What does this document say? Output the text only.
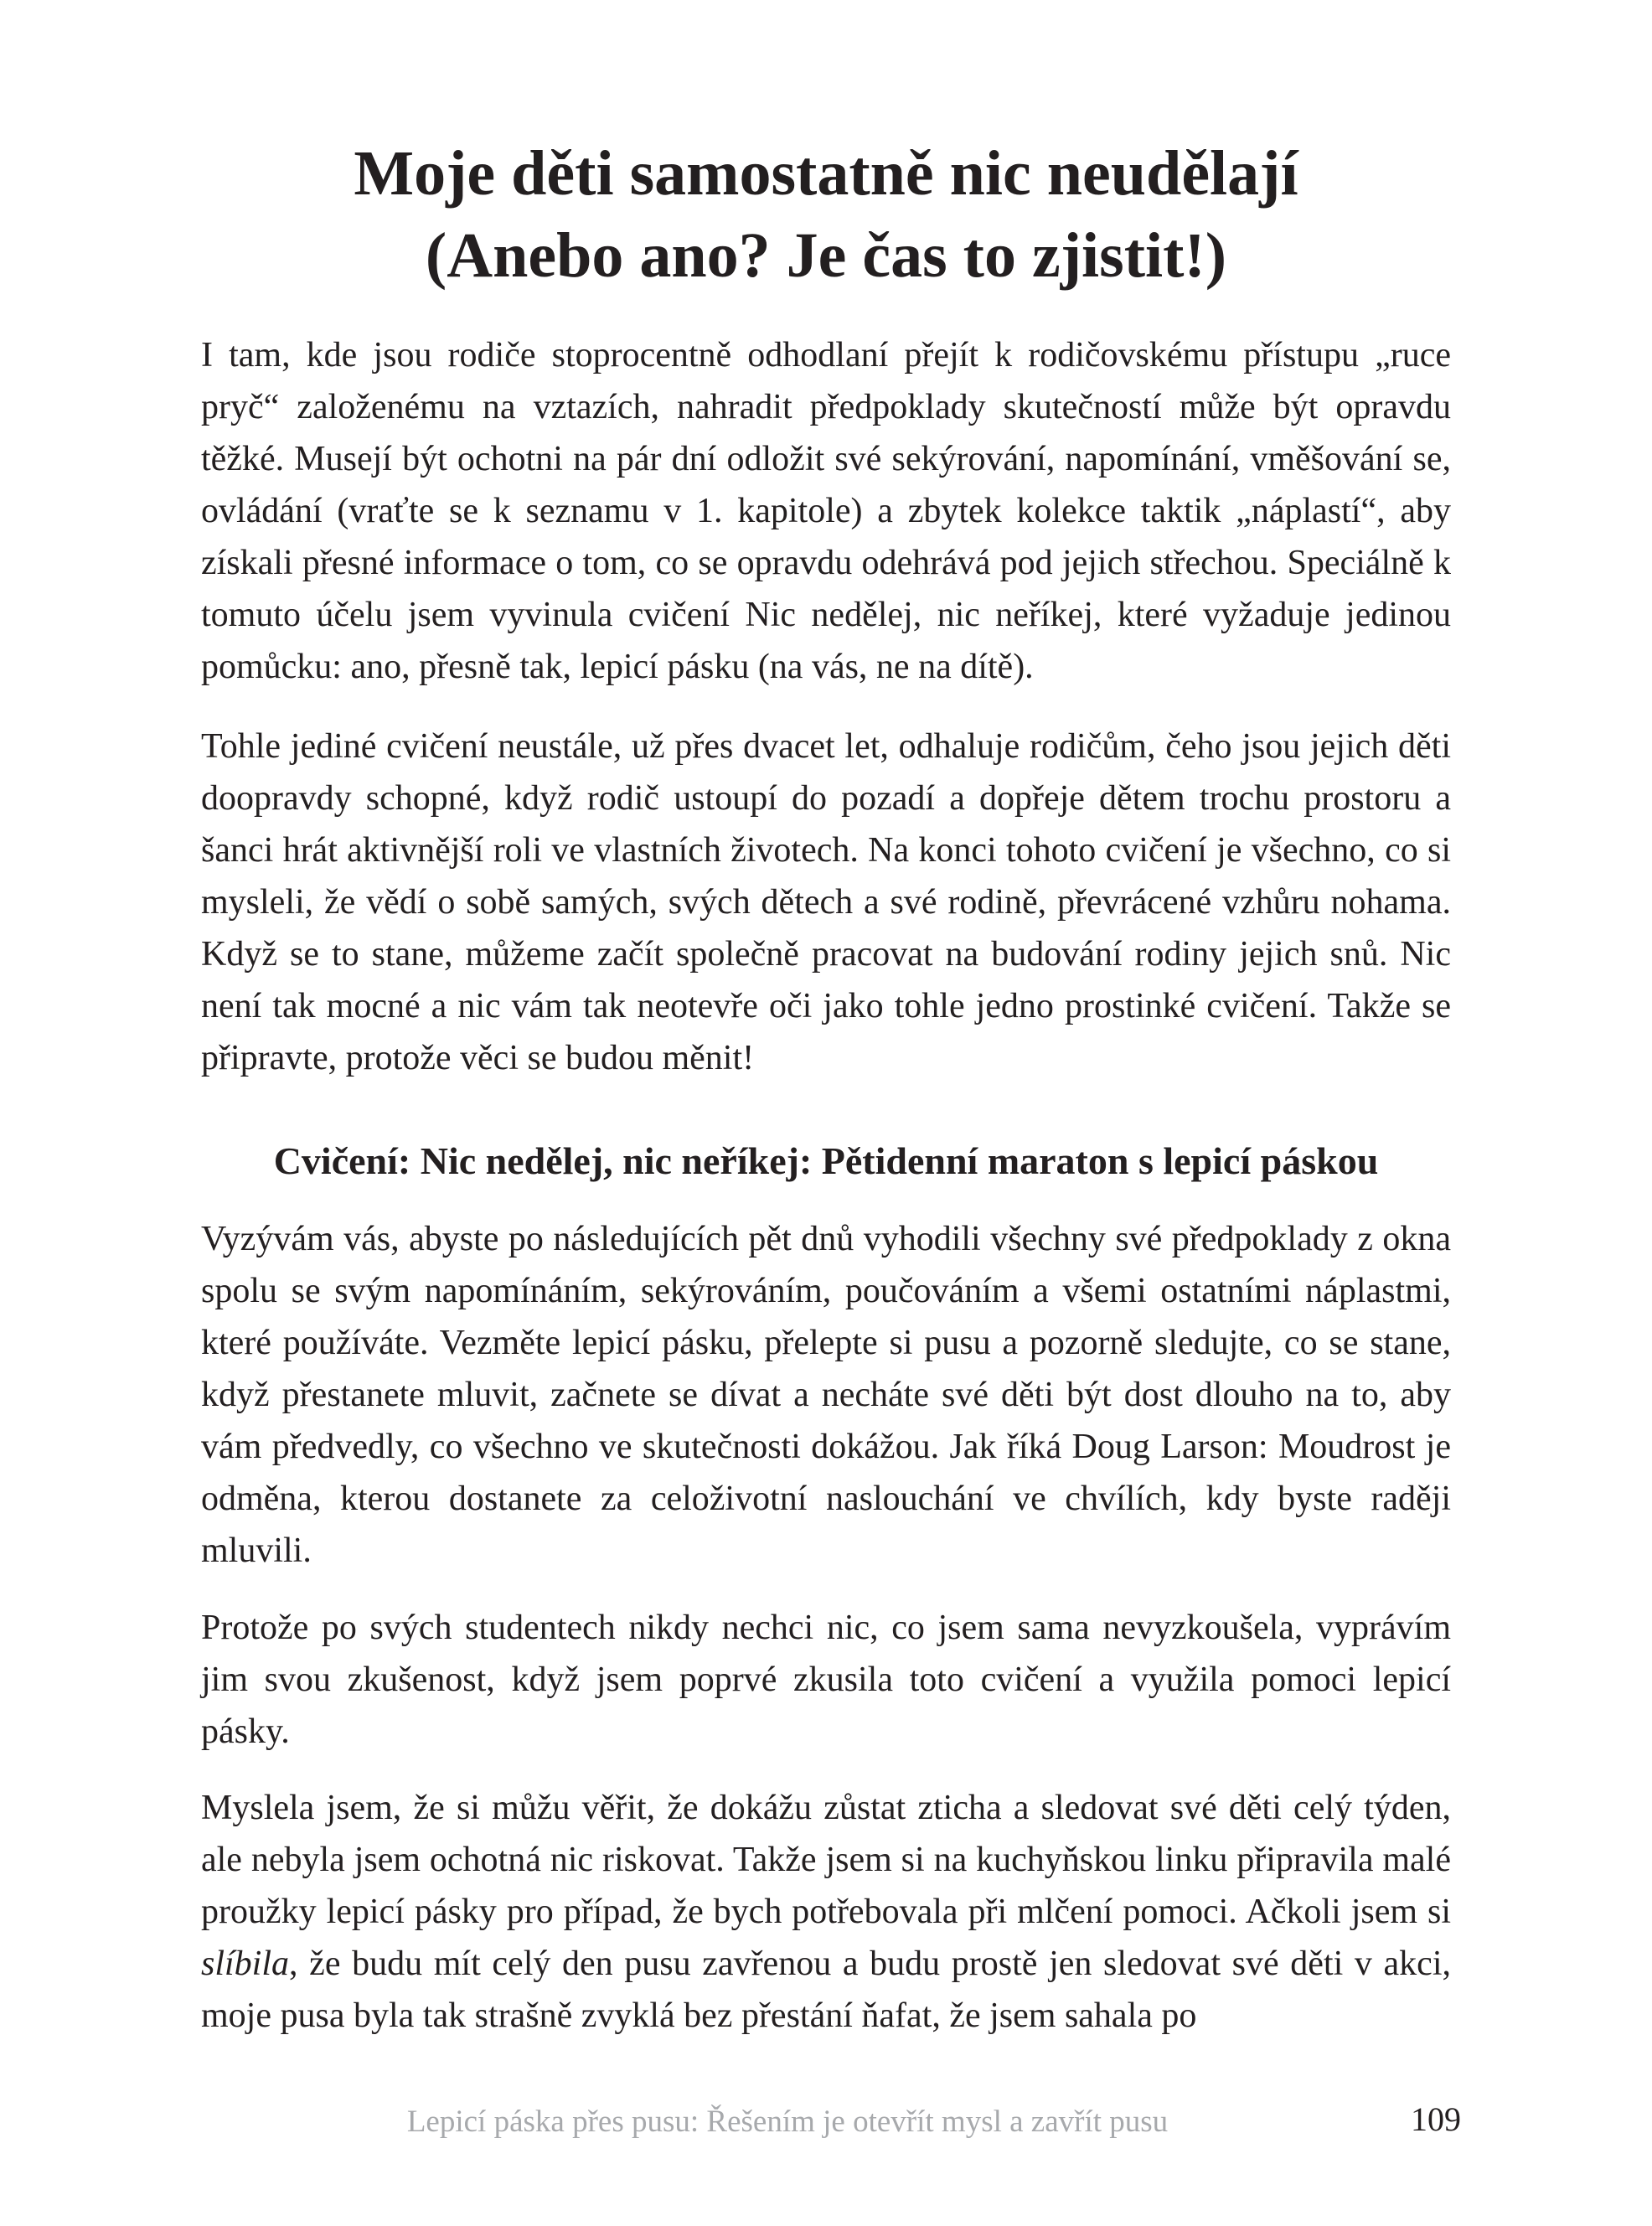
Moje děti samostatně nic neudělají
(Anebo ano? Je čas to zjistit!)

I tam, kde jsou rodiče stoprocentně odhodlaní přejít k rodičovskému přístupu „ruce pryč“ založenému na vztazích, nahradit předpoklady skutečností může být opravdu těžké. Musejí být ochotni na pár dní odložit své sekýrování, napomínání, vměšování se, ovládání (vraťte se k seznamu v 1. kapitole) a zbytek kolekce taktik „náplastí“, aby získali přesné informace o tom, co se opravdu odehrává pod jejich střechou. Speciálně k tomuto účelu jsem vyvinula cvičení Nic nedělej, nic neříkej, které vyžaduje jedinou pomůcku: ano, přesně tak, lepicí pásku (na vás, ne na dítě).

Tohle jediné cvičení neustále, už přes dvacet let, odhaluje rodičům, čeho jsou jejich děti doopravdy schopné, když rodič ustoupí do pozadí a dopřeje dětem trochu prostoru a šanci hrát aktivnější roli ve vlastních životech. Na konci tohoto cvičení je všechno, co si mysleli, že vědí o sobě samých, svých dětech a své rodině, převrácené vzhůru nohama. Když se to stane, můžeme začít společně pracovat na budování rodiny jejich snů. Nic není tak mocné a nic vám tak neotevře oči jako tohle jedno prostinké cvičení. Takže se připravte, protože věci se budou měnit!

Cvičení: Nic nedělej, nic neříkej: Pětidenní maraton s lepicí páskou

Vyzývám vás, abyste po následujících pět dnů vyhodili všechny své předpoklady z okna spolu se svým napomínáním, sekýrováním, poučováním a všemi ostatními náplastmi, které používáte. Vezměte lepicí pásku, přelepte si pusu a pozorně sledujte, co se stane, když přestanete mluvit, začnete se dívat a necháte své děti být dost dlouho na to, aby vám předvedly, co všechno ve skutečnosti dokážou. Jak říká Doug Larson: Moudrost je odměna, kterou dostanete za celoživotní naslouchání ve chvílích, kdy byste raději mluvili.

Protože po svých studentech nikdy nechci nic, co jsem sama nevyzkoušela, vyprávím jim svou zkušenost, když jsem poprvé zkusila toto cvičení a využila pomoci lepicí pásky.

Myslela jsem, že si můžu věřit, že dokážu zůstat zticha a sledovat své děti celý týden, ale nebyla jsem ochotná nic riskovat. Takže jsem si na kuchyňskou linku připravila malé proužky lepicí pásky pro případ, že bych potřebovala při mlčení pomoci. Ačkoli jsem si slíbila, že budu mít celý den pusu zavřenou a budu prostě jen sledovat své děti v akci, moje pusa byla tak strašně zvyklá bez přestání ňafat, že jsem sahala po

Lepicí páska přes pusu: Řešením je otevřít mysl a zavřít pusu	109
